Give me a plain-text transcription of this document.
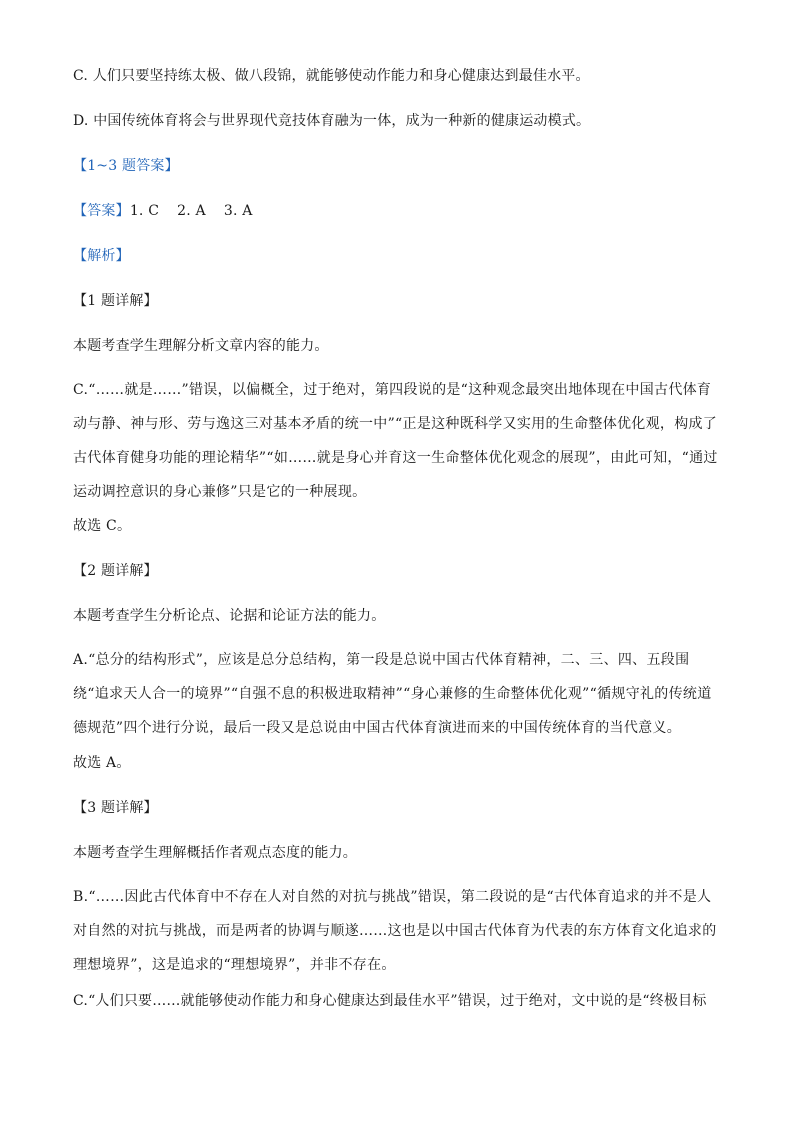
C. 人们只要坚持练太极、做八段锦，就能够使动作能力和身心健康达到最佳水平。
D. 中国传统体育将会与世界现代竞技体育融为一体，成为一种新的健康运动模式。
【1~3 题答案】
【答案】1. C 2. A 3. A
【解析】
【1 题详解】
本题考查学生理解分析文章内容的能力。
C.“……就是……”错误，以偏概全，过于绝对，第四段说的是“这种观念最突出地体现在中国古代体育动与静、神与形、劳与逸这三对基本矛盾的统一中”“正是这种既科学又实用的生命整体优化观，构成了古代体育健身功能的理论精华”“如……就是身心并育这一生命整体优化观念的展现”，由此可知，“通过运动调控意识的身心兼修”只是它的一种展现。
故选 C。
【2 题详解】
本题考查学生分析论点、论据和论证方法的能力。
A.“总分的结构形式”，应该是总分总结构，第一段是总说中国古代体育精神，二、三、四、五段围绕“追求天人合一的境界”“自强不息的积极进取精神”“身心兼修的生命整体优化观”“循规守礼的传统道德规范”四个进行分说，最后一段又是总说由中国古代体育演进而来的中国传统体育的当代意义。
故选 A。
【3 题详解】
本题考查学生理解概括作者观点态度的能力。
B.“……因此古代体育中不存在人对自然的对抗与挑战”错误，第二段说的是“古代体育追求的并不是人对自然的对抗与挑战，而是两者的协调与顺遂……这也是以中国古代体育为代表的东方体育文化追求的理想境界”，这是追求的“理想境界”，并非不存在。
C.“人们只要……就能够使动作能力和身心健康达到最佳水平”错误，过于绝对，文中说的是“终极目标
